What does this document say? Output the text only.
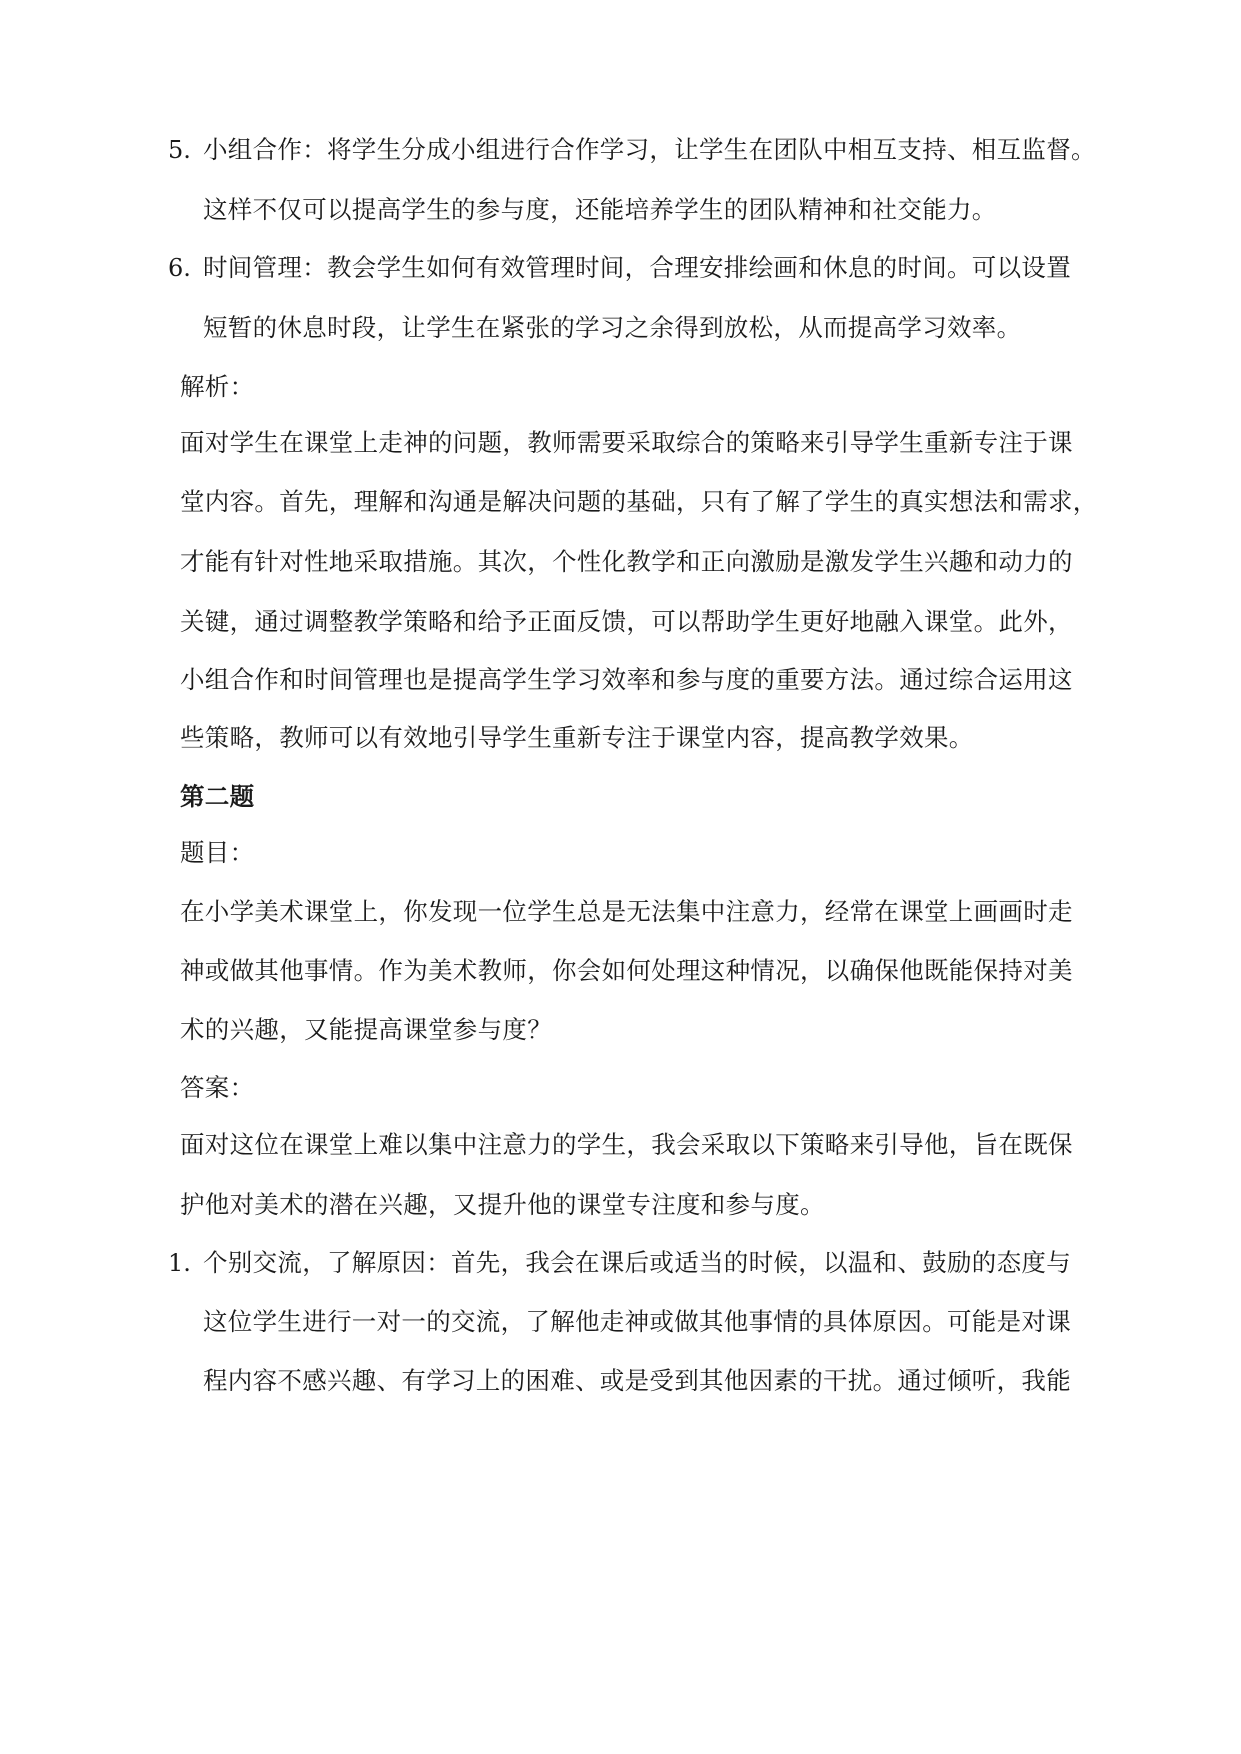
5. 小组合作：将学生分成小组进行合作学习，让学生在团队中相互支持、相互监督。

这样不仅可以提高学生的参与度，还能培养学生的团队精神和社交能力。

6. 时间管理：教会学生如何有效管理时间，合理安排绘画和休息的时间。可以设置

短暂的休息时段，让学生在紧张的学习之余得到放松，从而提高学习效率。

解析：

面对学生在课堂上走神的问题，教师需要采取综合的策略来引导学生重新专注于课

堂内容。首先，理解和沟通是解决问题的基础，只有了解了学生的真实想法和需求，

才能有针对性地采取措施。其次，个性化教学和正向激励是激发学生兴趣和动力的

关键，通过调整教学策略和给予正面反馈，可以帮助学生更好地融入课堂。此外，

小组合作和时间管理也是提高学生学习效率和参与度的重要方法。通过综合运用这

些策略，教师可以有效地引导学生重新专注于课堂内容，提高教学效果。

第二题

题目：

在小学美术课堂上，你发现一位学生总是无法集中注意力，经常在课堂上画画时走

神或做其他事情。作为美术教师，你会如何处理这种情况，以确保他既能保持对美

术的兴趣，又能提高课堂参与度？

答案：

面对这位在课堂上难以集中注意力的学生，我会采取以下策略来引导他，旨在既保

护他对美术的潜在兴趣，又提升他的课堂专注度和参与度。

1. 个别交流，了解原因：首先，我会在课后或适当的时候，以温和、鼓励的态度与

这位学生进行一对一的交流，了解他走神或做其他事情的具体原因。可能是对课

程内容不感兴趣、有学习上的困难、或是受到其他因素的干扰。通过倾听，我能
